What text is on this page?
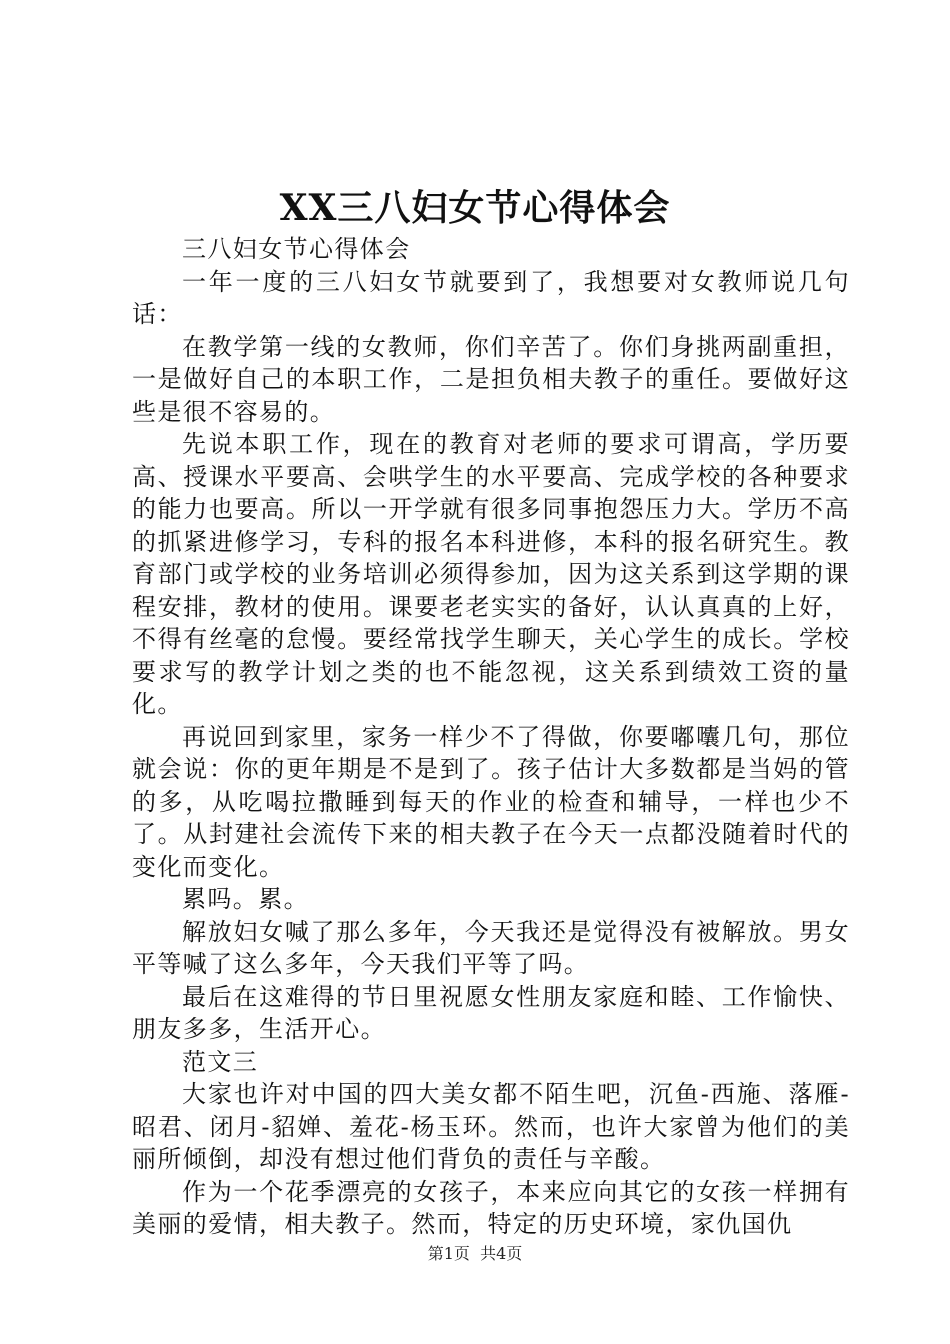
XX三八妇女节心得体会

三八妇女节心得体会

一年一度的三八妇女节就要到了，我想要对女教师说几句话：

在教学第一线的女教师，你们辛苦了。你们身挑两副重担，一是做好自己的本职工作，二是担负相夫教子的重任。要做好这些是很不容易的。

先说本职工作，现在的教育对老师的要求可谓高，学历要高、授课水平要高、会哄学生的水平要高、完成学校的各种要求的能力也要高。所以一开学就有很多同事抱怨压力大。学历不高的抓紧进修学习，专科的报名本科进修，本科的报名研究生。教育部门或学校的业务培训必须得参加，因为这关系到这学期的课程安排，教材的使用。课要老老实实的备好，认认真真的上好，不得有丝毫的怠慢。要经常找学生聊天，关心学生的成长。学校要求写的教学计划之类的也不能忽视，这关系到绩效工资的量化。

再说回到家里，家务一样少不了得做，你要嘟囔几句，那位就会说：你的更年期是不是到了。孩子估计大多数都是当妈的管的多，从吃喝拉撒睡到每天的作业的检查和辅导，一样也少不了。从封建社会流传下来的相夫教子在今天一点都没随着时代的变化而变化。

累吗。累。

解放妇女喊了那么多年，今天我还是觉得没有被解放。男女平等喊了这么多年，今天我们平等了吗。

最后在这难得的节日里祝愿女性朋友家庭和睦、工作愉快、朋友多多，生活开心。

范文三

大家也许对中国的四大美女都不陌生吧，沉鱼-西施、落雁-昭君、闭月-貂婵、羞花-杨玉环。然而，也许大家曾为他们的美丽所倾倒，却没有想过他们背负的责任与辛酸。

作为一个花季漂亮的女孩子，本来应向其它的女孩一样拥有美丽的爱情，相夫教子。然而，特定的历史环境，家仇国仇

第1页  共4页
